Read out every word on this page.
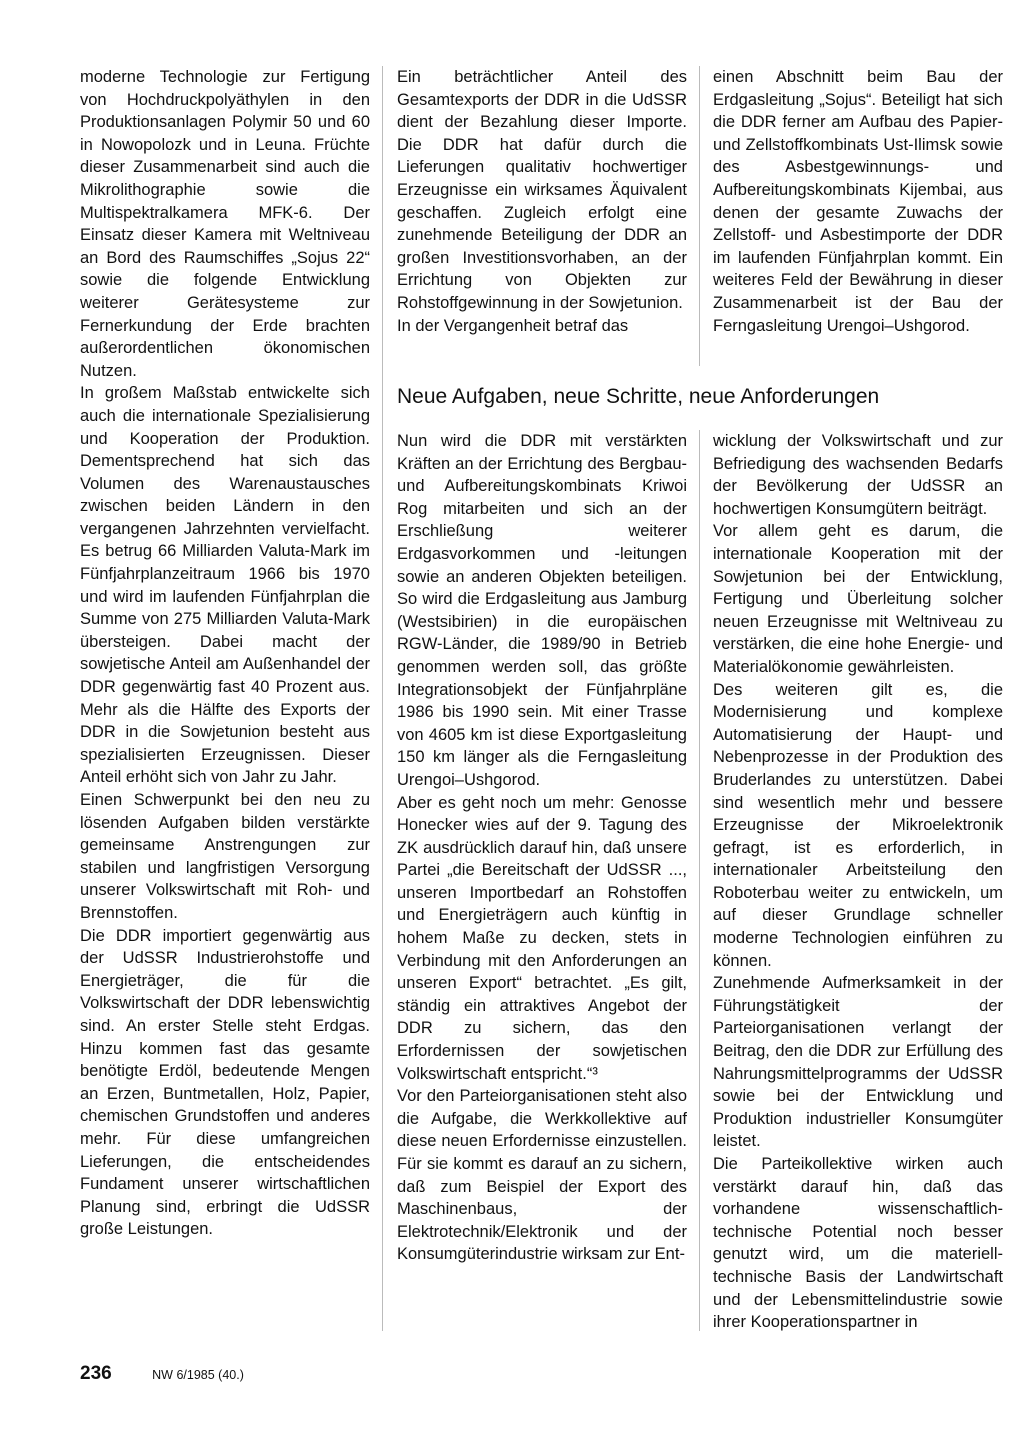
moderne Technologie zur Fertigung von Hochdruckpolyäthylen in den Produktionsanlagen Polymir 50 und 60 in Nowopolozk und in Leuna. Früchte dieser Zusammenarbeit sind auch die Mikrolithographie sowie die Multispektralkamera MFK-6. Der Einsatz dieser Kamera mit Weltniveau an Bord des Raumschiffes „Sojus 22“ sowie die folgende Entwicklung weiterer Gerätesysteme zur Fernerkundung der Erde brachten außerordentlichen ökonomischen Nutzen.

In großem Maßstab entwickelte sich auch die internationale Spezialisierung und Kooperation der Produktion. Dementsprechend hat sich das Volumen des Warenaustausches zwischen beiden Ländern in den vergangenen Jahrzehnten vervielfacht. Es betrug 66 Milliarden Valuta-Mark im Fünfjahrplanzeitraum 1966 bis 1970 und wird im laufenden Fünfjahrplan die Summe von 275 Milliarden Valuta-Mark übersteigen. Dabei macht der sowjetische Anteil am Außenhandel der DDR gegenwärtig fast 40 Prozent aus. Mehr als die Hälfte des Exports der DDR in die Sowjetunion besteht aus spezialisierten Erzeugnissen. Dieser Anteil erhöht sich von Jahr zu Jahr.

Einen Schwerpunkt bei den neu zu lösenden Aufgaben bilden verstärkte gemeinsame Anstrengungen zur stabilen und langfristigen Versorgung unserer Volkswirtschaft mit Roh- und Brennstoffen.

Die DDR importiert gegenwärtig aus der UdSSR Industrierohstoffe und Energieträger, die für die Volkswirtschaft der DDR lebenswichtig sind. An erster Stelle steht Erdgas. Hinzu kommen fast das gesamte benötigte Erdöl, bedeutende Mengen an Erzen, Buntmetallen, Holz, Papier, chemischen Grundstoffen und anderes mehr. Für diese umfangreichen Lieferungen, die entscheidendes Fundament unserer wirtschaftlichen Planung sind, erbringt die UdSSR große Leistungen.

Ein beträchtlicher Anteil des Gesamtexports der DDR in die UdSSR dient der Bezahlung dieser Importe. Die DDR hat dafür durch die Lieferungen qualitativ hochwertiger Erzeugnisse ein wirksames Äquivalent geschaffen. Zugleich erfolgt eine zunehmende Beteiligung der DDR an großen Investitionsvorhaben, an der Errichtung von Objekten zur Rohstoffgewinnung in der Sowjetunion.

In der Vergangenheit betraf das

einen Abschnitt beim Bau der Erdgasleitung „Sojus“. Beteiligt hat sich die DDR ferner am Aufbau des Papier- und Zellstoffkombinats Ust-Ilimsk sowie des Asbestgewinnungs- und Aufbereitungskombinats Kijembai, aus denen der gesamte Zuwachs der Zellstoff- und Asbestimporte der DDR im laufenden Fünfjahrplan kommt. Ein weiteres Feld der Bewährung in dieser Zusammenarbeit ist der Bau der Ferngasleitung Urengoi–Ushgorod.

Neue Aufgaben, neue Schritte, neue Anforderungen

Nun wird die DDR mit verstärkten Kräften an der Errichtung des Bergbau- und Aufbereitungskombinats Kriwoi Rog mitarbeiten und sich an der Erschließung weiterer Erdgasvorkommen und -leitungen sowie an anderen Objekten beteiligen. So wird die Erdgasleitung aus Jamburg (Westsibirien) in die europäischen RGW-Länder, die 1989/90 in Betrieb genommen werden soll, das größte Integrationsobjekt der Fünfjahrpläne 1986 bis 1990 sein. Mit einer Trasse von 4605 km ist diese Exportgasleitung 150 km länger als die Ferngasleitung Urengoi–Ushgorod.

Aber es geht noch um mehr: Genosse Honecker wies auf der 9. Tagung des ZK ausdrücklich darauf hin, daß unsere Partei „die Bereitschaft der UdSSR ..., unseren Importbedarf an Rohstoffen und Energieträgern auch künftig in hohem Maße zu decken, stets in Verbindung mit den Anforderungen an unseren Export“ betrachtet. „Es gilt, ständig ein attraktives Angebot der DDR zu sichern, das den Erfordernissen der sowjetischen Volkswirtschaft entspricht.“³

Vor den Parteiorganisationen steht also die Aufgabe, die Werkkollektive auf diese neuen Erfordernisse einzustellen. Für sie kommt es darauf an zu sichern, daß zum Beispiel der Export des Maschinenbaus, der Elektrotechnik/Elektronik und der Konsumgüterindustrie wirksam zur Ent-

wicklung der Volkswirtschaft und zur Befriedigung des wachsenden Bedarfs der Bevölkerung der UdSSR an hochwertigen Konsumgütern beiträgt.

Vor allem geht es darum, die internationale Kooperation mit der Sowjetunion bei der Entwicklung, Fertigung und Überleitung solcher neuen Erzeugnisse mit Weltniveau zu verstärken, die eine hohe Energie- und Materialökonomie gewährleisten.

Des weiteren gilt es, die Modernisierung und komplexe Automatisierung der Haupt- und Nebenprozesse in der Produktion des Bruderlandes zu unterstützen. Dabei sind wesentlich mehr und bessere Erzeugnisse der Mikroelektronik gefragt, ist es erforderlich, in internationaler Arbeitsteilung den Roboterbau weiter zu entwickeln, um auf dieser Grundlage schneller moderne Technologien einführen zu können.

Zunehmende Aufmerksamkeit in der Führungstätigkeit der Parteiorganisationen verlangt der Beitrag, den die DDR zur Erfüllung des Nahrungsmittelprogramms der UdSSR sowie bei der Entwicklung und Produktion industrieller Konsumgüter leistet.

Die Parteikollektive wirken auch verstärkt darauf hin, daß das vorhandene wissenschaftlich-technische Potential noch besser genutzt wird, um die materiell-technische Basis der Landwirtschaft und der Lebensmittelindustrie sowie ihrer Kooperationspartner in

236	NW 6/1985 (40.)
